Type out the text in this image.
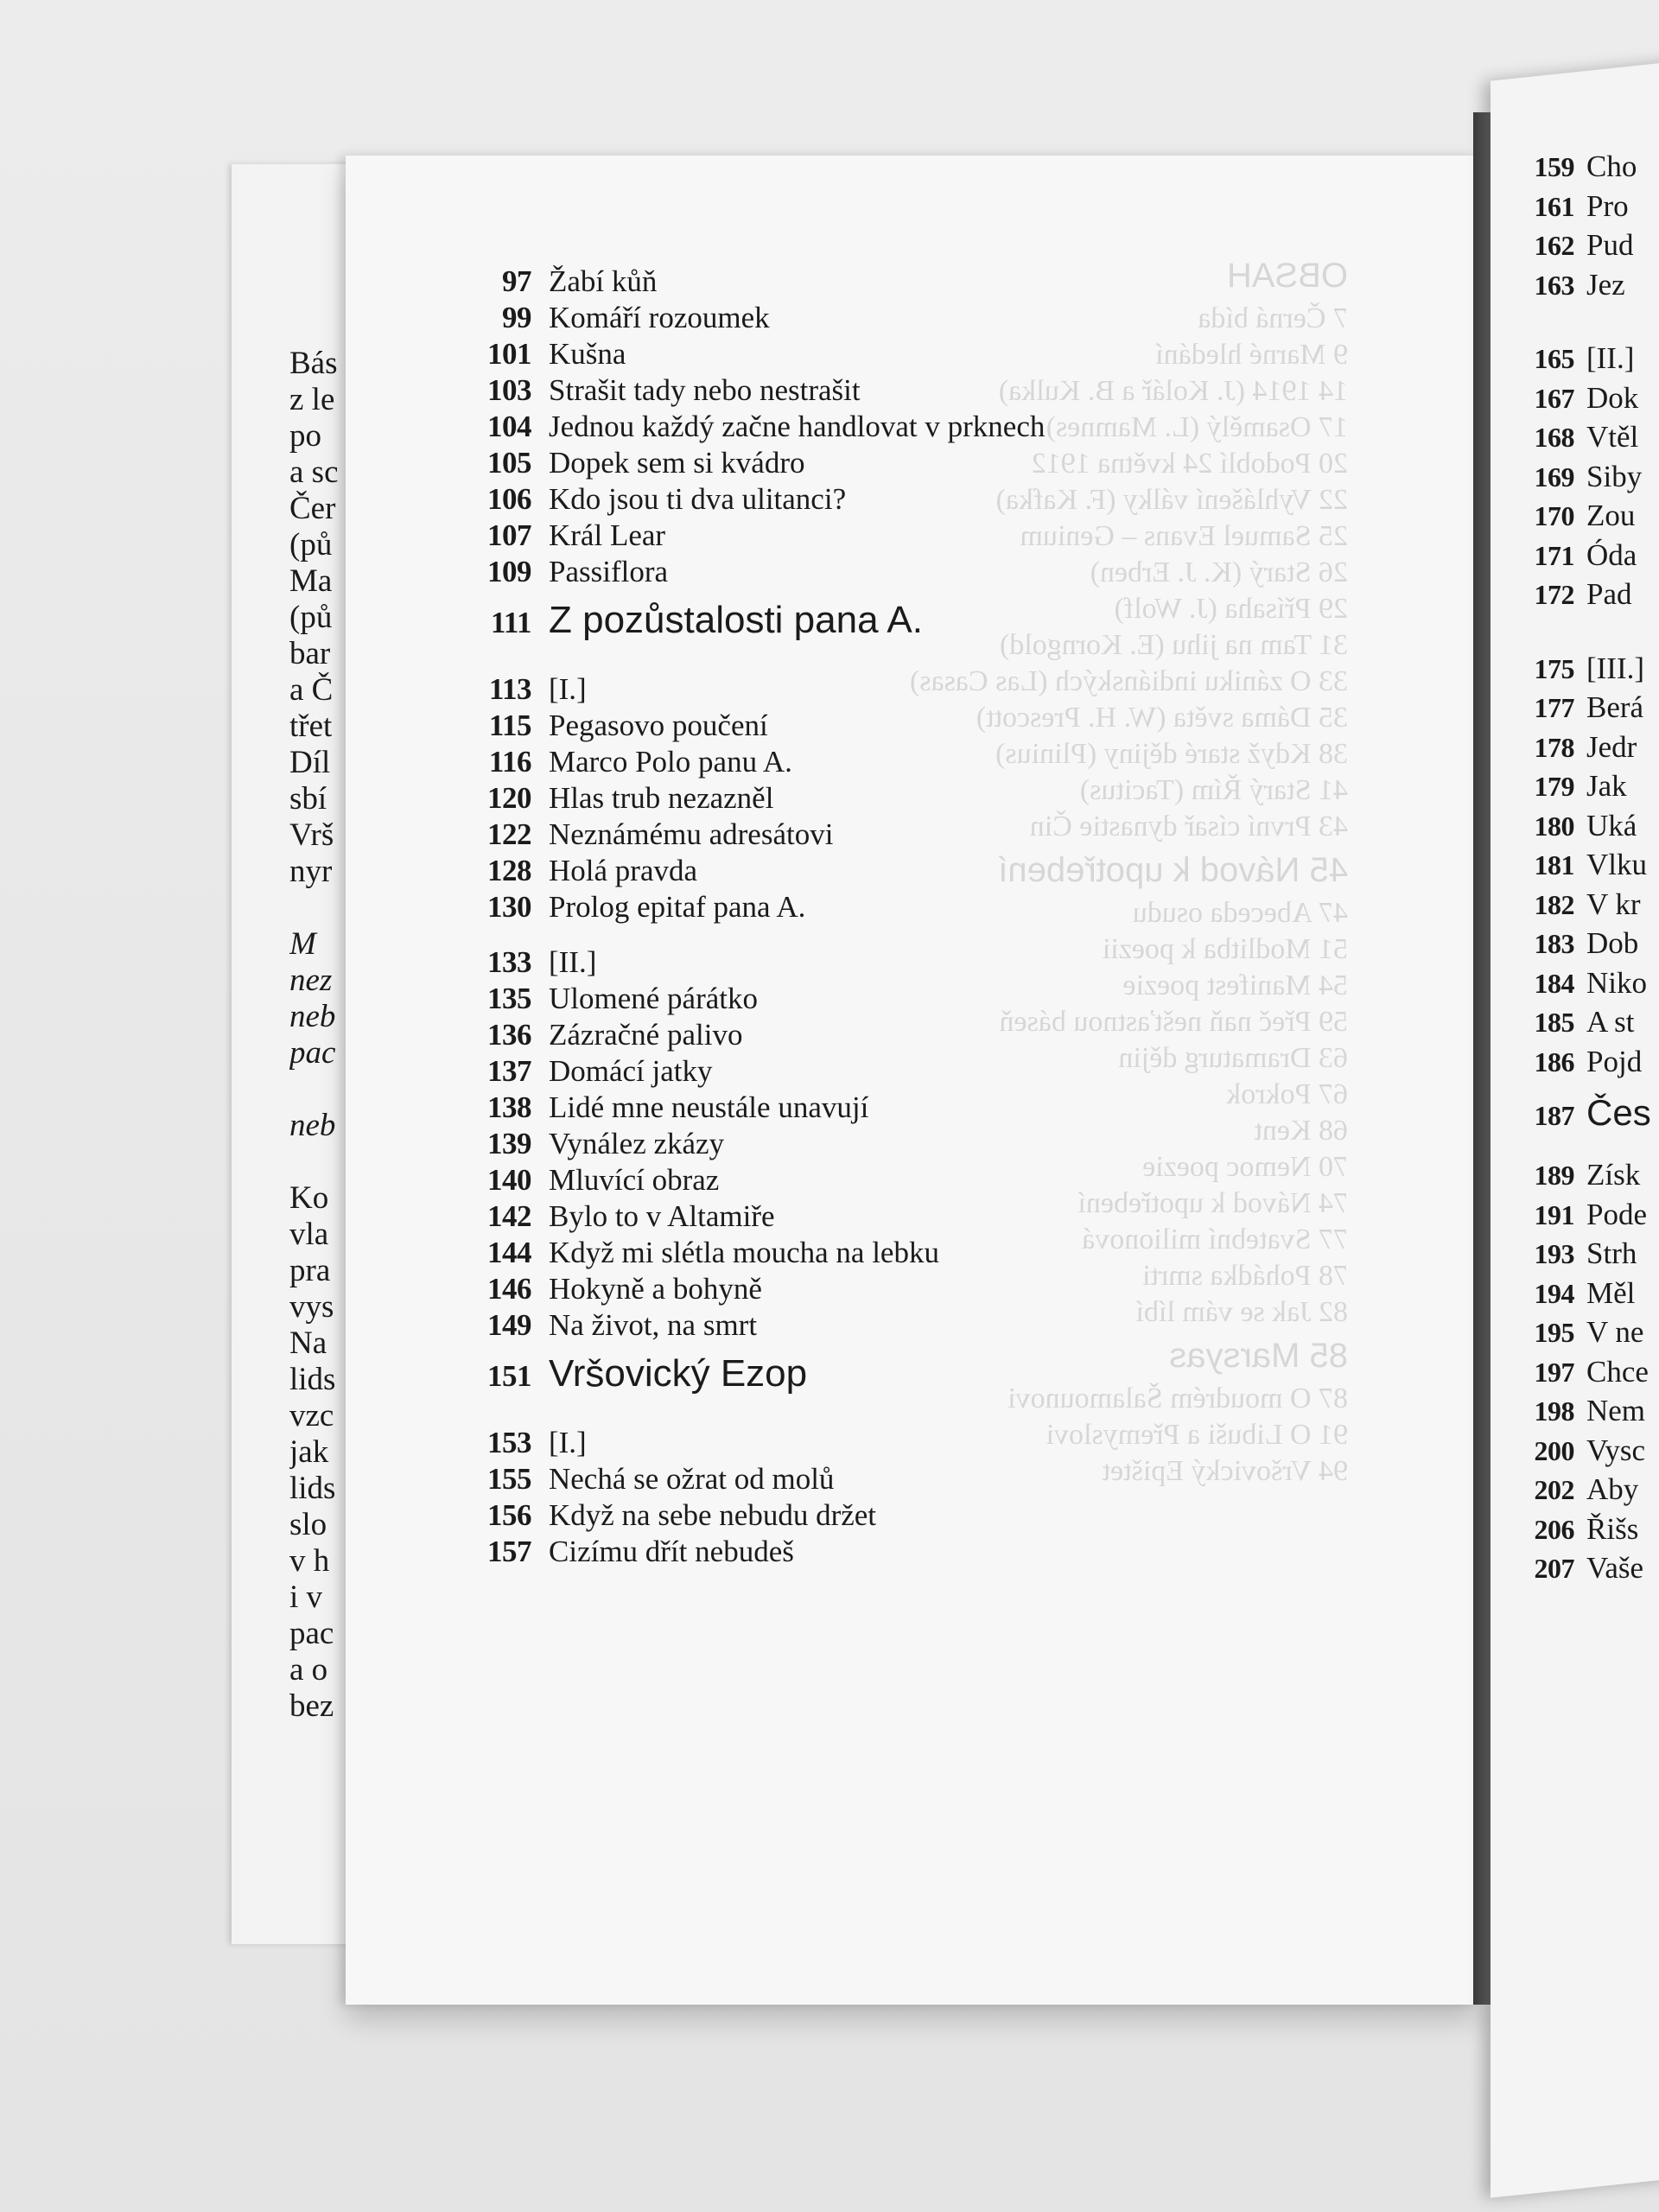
Bás
z le
po
a sc
Čer
(pů
Ma
(pů
bar
a Č
třet
Díl
sbí
Vrš
nyr
M
nez
neb
pac
neb
Ko
vla
pra
vys
Na
lids
vzc
jak
lids
slo
v h
i v
pac
a o
bez
OBSAH
7 Černá bída
9 Marné hledání
14 1914 (J. Kolář a B. Kulka)
17 Osamělý (L. Mamnes)
20 Podoblí 24 května 1912
22 Vyhlášení války (F. Kafka)
25 Samuel Evans – Genium
26 Starý (K. J. Erben)
29 Přísaha (J. Wolf)
31 Tam na jihu (E. Korngold)
33 O zániku indiánských (Las Casas)
35 Dáma světa (W. H. Prescott)
38 Když staré dějiny (Plinius)
41 Starý Řím (Tacitus)
43 První císař dynastie Čin
45 Návod k upotřebení
47 Abeceda osudu
51 Modlitba k poezii
54 Manifest poezie
59 Přeč naň nešťastnou báseň
63 Dramaturg dějin
67 Pokrok
68 Kent
70 Nemoc poezie
74 Návod k upotřebení
77 Svatební milionová
78 Pohádka smrti
82 Jak se vám líbí
85 Marsyas
87 O moudrém Šalamounovi
91 O Libuši a Přemyslovi
94 Vršovický Epištet
97 Žabí kůň
99 Komáří rozoumek
101 Kušna
103 Strašit tady nebo nestrašit
104 Jednou každý začne handlovat v prknech
105 Dopek sem si kvádro
106 Kdo jsou ti dva ulitanci?
107 Král Lear
109 Passiflora
111 Z pozůstalosti pana A.
113 [I.]
115 Pegasovo poučení
116 Marco Polo panu A.
120 Hlas trub nezazněl
122 Neznámému adresátovi
128 Holá pravda
130 Prolog epitaf pana A.
133 [II.]
135 Ulomené párátko
136 Zázračné palivo
137 Domácí jatky
138 Lidé mne neustále unavují
139 Vynález zkázy
140 Mluvící obraz
142 Bylo to v Altamiře
144 Když mi slétla moucha na lebku
146 Hokyně a bohyně
149 Na život, na smrt
151 Vršovický Ezop
153 [I.]
155 Nechá se ožrat od molů
156 Když na sebe nebudu držet
157 Cizímu dřít nebudeš
159 Cho
161 Pro
162 Pud
163 Jez
165 [II.]
167 Dok
168 Vtěl
169 Siby
170 Zou
171 Óda
172 Pad
175 [III.]
177 Berá
178 Jedr
179 Jak
180 Uká
181 Vlku
182 V kr
183 Dob
184 Niko
185 A st
186 Pojd
187 Čes
189 Získ
191 Pode
193 Strh
194 Měl
195 V ne
197 Chce
198 Nem
200 Vysc
202 Aby
206 Řišs
207 Vaše
